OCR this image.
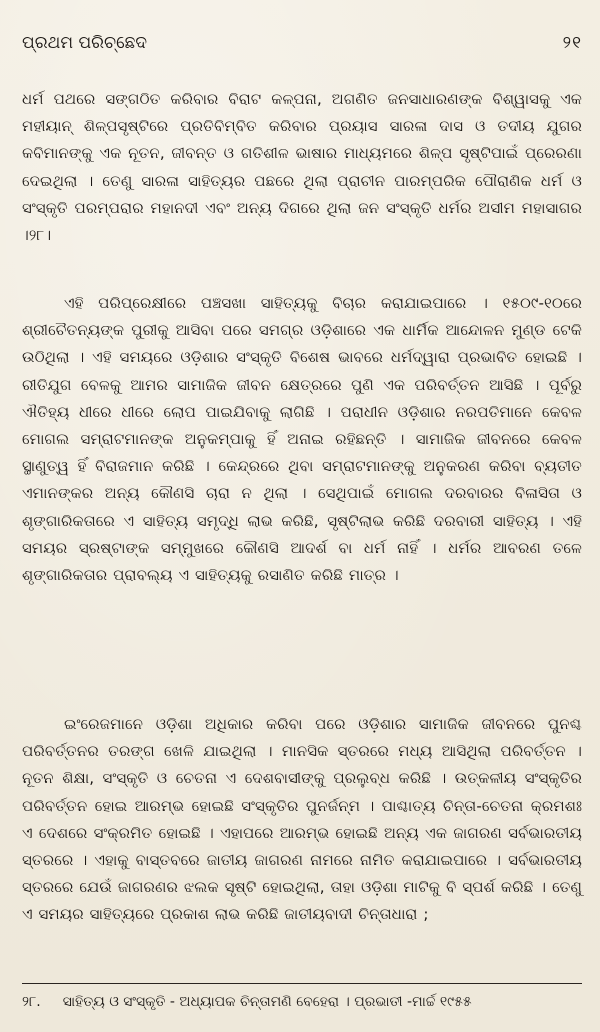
ପ୍ରଥମ ପରିଚ୍ଛେଦ	୨୧

ଧର୍ମ ପଥରେ ସଙ୍ଗଠିତ କରିବାର ବିରାଟ କଳ୍ପନା, ଅଗଣିତ ଜନସାଧାରଣଙ୍କ ବିଶ୍ୱାସକୁ ଏକ ମହୀୟାନ୍ ଶିଳ୍ପସୃଷ୍ଟିରେ ପ୍ରତିବିମ୍ବିତ କରିବାର ପ୍ରୟାସ ସାରଳା ଦାସ ଓ ତଦୀୟ ଯୁଗର କବିମାନଙ୍କୁ ଏକ ନୂତନ, ଜୀବନ୍ତ ଓ ଗତିଶୀଳ ଭାଷାର ମାଧ୍ୟମରେ ଶିଳ୍ପ ସୃଷ୍ଟିପାଇଁ ପ୍ରେରଣା ଦେଇଥିଲା । ତେଣୁ ସାରଳା ସାହିତ୍ୟର ପଛରେ ଥିଲା ପ୍ରାଚୀନ ପାରମ୍ପରିକ ପୌରାଣିକ ଧର୍ମ ଓ ସଂସ୍କୃତି ପରମ୍ପରାର ମହାନଦୀ ଏବଂ ଅନ୍ୟ ଦିଗରେ ଥିଲା ଜନ ସଂସ୍କୃତି ଧର୍ମର ଅସୀମ ମହାସାଗର ।୨୮।

ଏହି ପରିପ୍ରେକ୍ଷୀରେ ପଞ୍ଚସଖା ସାହିତ୍ୟକୁ ବିଚାର କରାଯାଇପାରେ । ୧୫୦୯-୧୦ରେ ଶ୍ରୀଚୈତନ୍ୟଙ୍କ ପୁରୀକୁ ଆସିବା ପରେ ସମଗ୍ର ଓଡ଼ିଶାରେ ଏକ ଧାର୍ମିକ ଆନ୍ଦୋଳନ ମୁଣ୍ଡ ଟେକି ଉଠିଥିଲା । ଏହି ସମୟରେ ଓଡ଼ିଶାର ସଂସ୍କୃତି ବିଶେଷ ଭାବରେ ଧର୍ମଦ୍ୱାରା ପ୍ରଭାବିତ ହୋଇଛି । ରୀତିଯୁଗ ବେଳକୁ ଆମର ସାମାଜିକ ଜୀବନ କ୍ଷେତ୍ରରେ ପୁଣି ଏକ ପରିବର୍ତ୍ତନ ଆସିଛି । ପୂର୍ବରୁ ଐତିହ୍ୟ ଧୀରେ ଧୀରେ ଲୋପ ପାଇଯିବାକୁ ଲାଗିଛି । ପରାଧୀନ ଓଡ଼ିଶାର ନରପତିମାନେ କେବଳ ମୋଗଲ ସମ୍ରାଟମାନଙ୍କ ଅନୁକମ୍ପାକୁ ହିଁ ଅନାଇ ରହିଛନ୍ତି । ସାମାଜିକ ଜୀବନରେ କେବଳ ସ୍ଥାଣୁତ୍ୱ ହିଁ ବିରାଜମାନ କରିଛି । କେନ୍ଦ୍ରରେ ଥିବା ସମ୍ରାଟମାନଙ୍କୁ ଅନୁକରଣ କରିବା ବ୍ୟତୀତ ଏମାନଙ୍କର ଅନ୍ୟ କୌଣସି ଚାରା ନ ଥିଲା । ସେଥିପାଇଁ ମୋଗଲ ଦରବାରର ବିଳାସିତା ଓ ଶୃଙ୍ଗାରିକତାରେ ଏ ସାହିତ୍ୟ ସମୃଦ୍ଧି ଲାଭ କରିଛି, ସୃଷ୍ଟିଲାଭ କରିଛି ଦରବାରୀ ସାହିତ୍ୟ । ଏହି ସମୟର ସ୍ରଷ୍ଟାଙ୍କ ସମ୍ମୁଖରେ କୌଣସି ଆଦର୍ଶ ବା ଧର୍ମ ନାହିଁ । ଧର୍ମର ଆବରଣ ତଳେ ଶୃଙ୍ଗାରିକତାର ପ୍ରାବଲ୍ୟ ଏ ସାହିତ୍ୟକୁ ରସାଣିତ କରିଛି ମାତ୍ର ।

ଇଂରେଜମାନେ ଓଡ଼ିଶା ଅଧିକାର କରିବା ପରେ ଓଡ଼ିଶାର ସାମାଜିକ ଜୀବନରେ ପୁନଶ୍ଚ ପରିବର୍ତ୍ତନର ତରଙ୍ଗ ଖେଳି ଯାଇଥିଲା । ମାନସିକ ସ୍ତରରେ ମଧ୍ୟ ଆସିଥିଲା ପରିବର୍ତ୍ତନ । ନୂତନ ଶିକ୍ଷା, ସଂସ୍କୃତି ଓ ଚେତନା ଏ ଦେଶବାସୀଙ୍କୁ ପ୍ରଲୁବ୍ଧ କରିଛି । ଉତ୍କଳୀୟ ସଂସ୍କୃତିର ପରିବର୍ତ୍ତନ ହୋଇ ଆରମ୍ଭ ହୋଇଛି ସଂସ୍କୃତିର ପୁନର୍ଜନ୍ମ । ପାଶ୍ଚାତ୍ୟ ଚିନ୍ତା-ଚେତନା କ୍ରମଶଃ ଏ ଦେଶରେ ସଂକ୍ରମିତ ହୋଇଛି । ଏହାପରେ ଆରମ୍ଭ ହୋଇଛି ଅନ୍ୟ ଏକ ଜାଗରଣ ସର୍ବଭାରତୀୟ ସ୍ତରରେ । ଏହାକୁ ବାସ୍ତବରେ ଜାତୀୟ ଜାଗରଣ ନାମରେ ନାମିତ କରାଯାଇପାରେ । ସର୍ବଭାରତୀୟ ସ୍ତରରେ ଯେଉଁ ଜାଗରଣର ଝଲକ ସୃଷ୍ଟି ହୋଇଥିଲା, ତାହା ଓଡ଼ିଶା ମାଟିକୁ ବି ସ୍ପର୍ଶ କରିଛି । ତେଣୁ ଏ ସମୟର ସାହିତ୍ୟରେ ପ୍ରକାଶ ଲାଭ କରିଛି ଜାତୀୟବାଦୀ ଚିନ୍ତାଧାରା ;

୨୮. ସାହିତ୍ୟ ଓ ସଂସ୍କୃତି - ଅଧ୍ୟାପକ ଚିନ୍ତାମଣି ବେହେରା । ପ୍ରଭାତୀ -ମାର୍ଚ୍ଚ ୧୯୫୫
